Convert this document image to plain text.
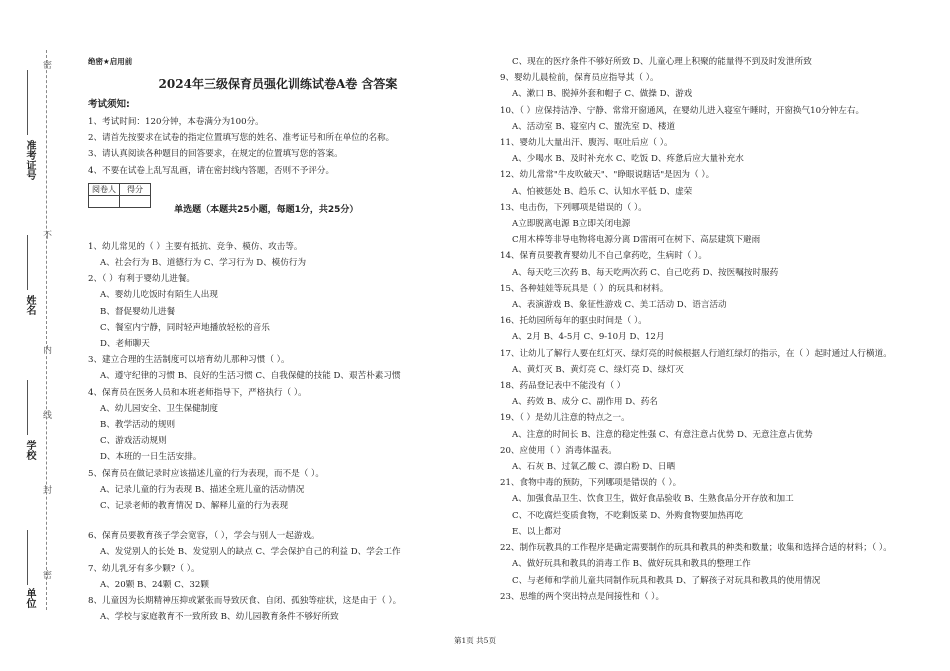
密
不
内
线
封
密
准考证号
姓名
学校
单位
绝密★启用前
2024年三级保育员强化训练试卷A卷 含答案
考试须知:
1、考试时间：120分钟，本卷满分为100分。
2、请首先按要求在试卷的指定位置填写您的姓名、准考证号和所在单位的名称。
3、请认真阅读各种题目的回答要求，在规定的位置填写您的答案。
4、不要在试卷上乱写乱画，请在密封线内答题，否则不予评分。
阅卷人	得分
	单选题（本题共25小题，每题1分，共25分）
1、幼儿常见的（ ）主要有抵抗、竞争、模仿、攻击等。
A、社会行为 B、道德行为 C、学习行为 D、模仿行为
2、（ ）有利于婴幼儿进餐。
A、婴幼儿吃饭时有陌生人出现
B、督促婴幼儿进餐
C、餐室内宁静，同时轻声地播放轻松的音乐
D、老师聊天
3、建立合理的生活制度可以培育幼儿那种习惯（ ）。
A、遵守纪律的习惯 B、良好的生活习惯 C、自我保健的技能 D、艰苦朴素习惯
4、保育员在医务人员和本班老师指导下，严格执行（ ）。
A、幼儿园安全、卫生保健制度
B、教学活动的规则
C、游戏活动规则
D、本班的一日生活安排。
5、保育员在做记录时应该描述儿童的行为表现，而不是（ ）。
A、记录儿童的行为表现 B、描述全班儿童的活动情况
C、记录老师的教育情况 D、解释儿童的行为表现
6、保育员要教育孩子学会宽容，（ ），学会与别人一起游戏。
A、发觉别人的长处 B、发觉别人的缺点 C、学会保护自己的利益 D、学会工作
7、幼儿乳牙有多少颗?（ ）。
A、20颗 B、24颗 C、32颗
8、儿童因为长期精神压抑或紧张而导致厌食、自闭、孤独等症状，这是由于（ ）。
A、学校与家庭教育不一致所致 B、幼儿园教育条件不够好所致
C、现在的医疗条件不够好所致 D、儿童心理上积聚的能量得不到及时发泄所致
9、婴幼儿晨检前，保育员应指导其（ ）。
A、漱口 B、脱掉外套和帽子 C、做操 D、游戏
10、（ ）应保持洁净、宁静、常常开窗通风，在婴幼儿进入寝室午睡时，开窗换气10分钟左右。
A、活动室 B、寝室内 C、盥洗室 D、楼道
11、婴幼儿大量出汗、腹泻、呕吐后应（ ）。
A、少喝水 B、及时补充水 C、吃饭 D、疼惫后应大量补充水
12、幼儿常常"牛皮吹破天"、"睁眼说瞎话"是因为（ ）。
A、怕被惩处 B、趋乐 C、认知水平低 D、虚荣
13、电击伤，下列哪项是错误的（ ）。
A立即脱离电源 B立即关闭电源
C用木棒等非导电物将电源分离 D雷雨可在树下、高层建筑下避雨
14、保育员要教育婴幼儿不自己拿药吃，生病时（ ）。
A、每天吃三次药 B、每天吃两次药 C、自己吃药 D、按医嘱按时服药
15、各种娃娃等玩具是（ ）的玩具和材料。
A、表演游戏 B、象征性游戏 C、美工活动 D、语言活动
16、托幼园所每年的驱虫时间是（ ）。
A、2月 B、4-5月 C、9-10月 D、12月
17、让幼儿了解行人要在红灯灭、绿灯亮的时候根据人行道红绿灯的指示，在（ ）起时通过人行横道。
A、黄灯灭 B、黄灯亮 C、绿灯亮 D、绿灯灭
18、药品登记表中不能没有（ ）
A、药效 B、成分 C、副作用 D、药名
19、（ ）是幼儿注意的特点之一。
A、注意的时间长 B、注意的稳定性强 C、有意注意占优势 D、无意注意占优势
20、应使用（ ）消毒体温表。
A、石灰 B、过氧乙酸 C、漂白粉 D、日晒
21、食物中毒的预防，下列哪项是错误的（ ）。
A、加强食品卫生、饮食卫生，做好食品验收 B、生熟食品分开存放和加工
C、不吃腐烂变质食物，不吃剩饭菜 D、外购食物要加热再吃
E、以上都对
22、制作玩教具的工作程序是确定需要制作的玩具和教具的种类和数量；收集和选择合适的材料；（ ）。
A、做好玩具和教具的消毒工作 B、做好玩具和教具的整理工作
C、与老师和学前儿童共同制作玩具和教具 D、了解孩子对玩具和教具的使用情况
23、思维的两个突出特点是间接性和（ ）。
第1页 共5页
